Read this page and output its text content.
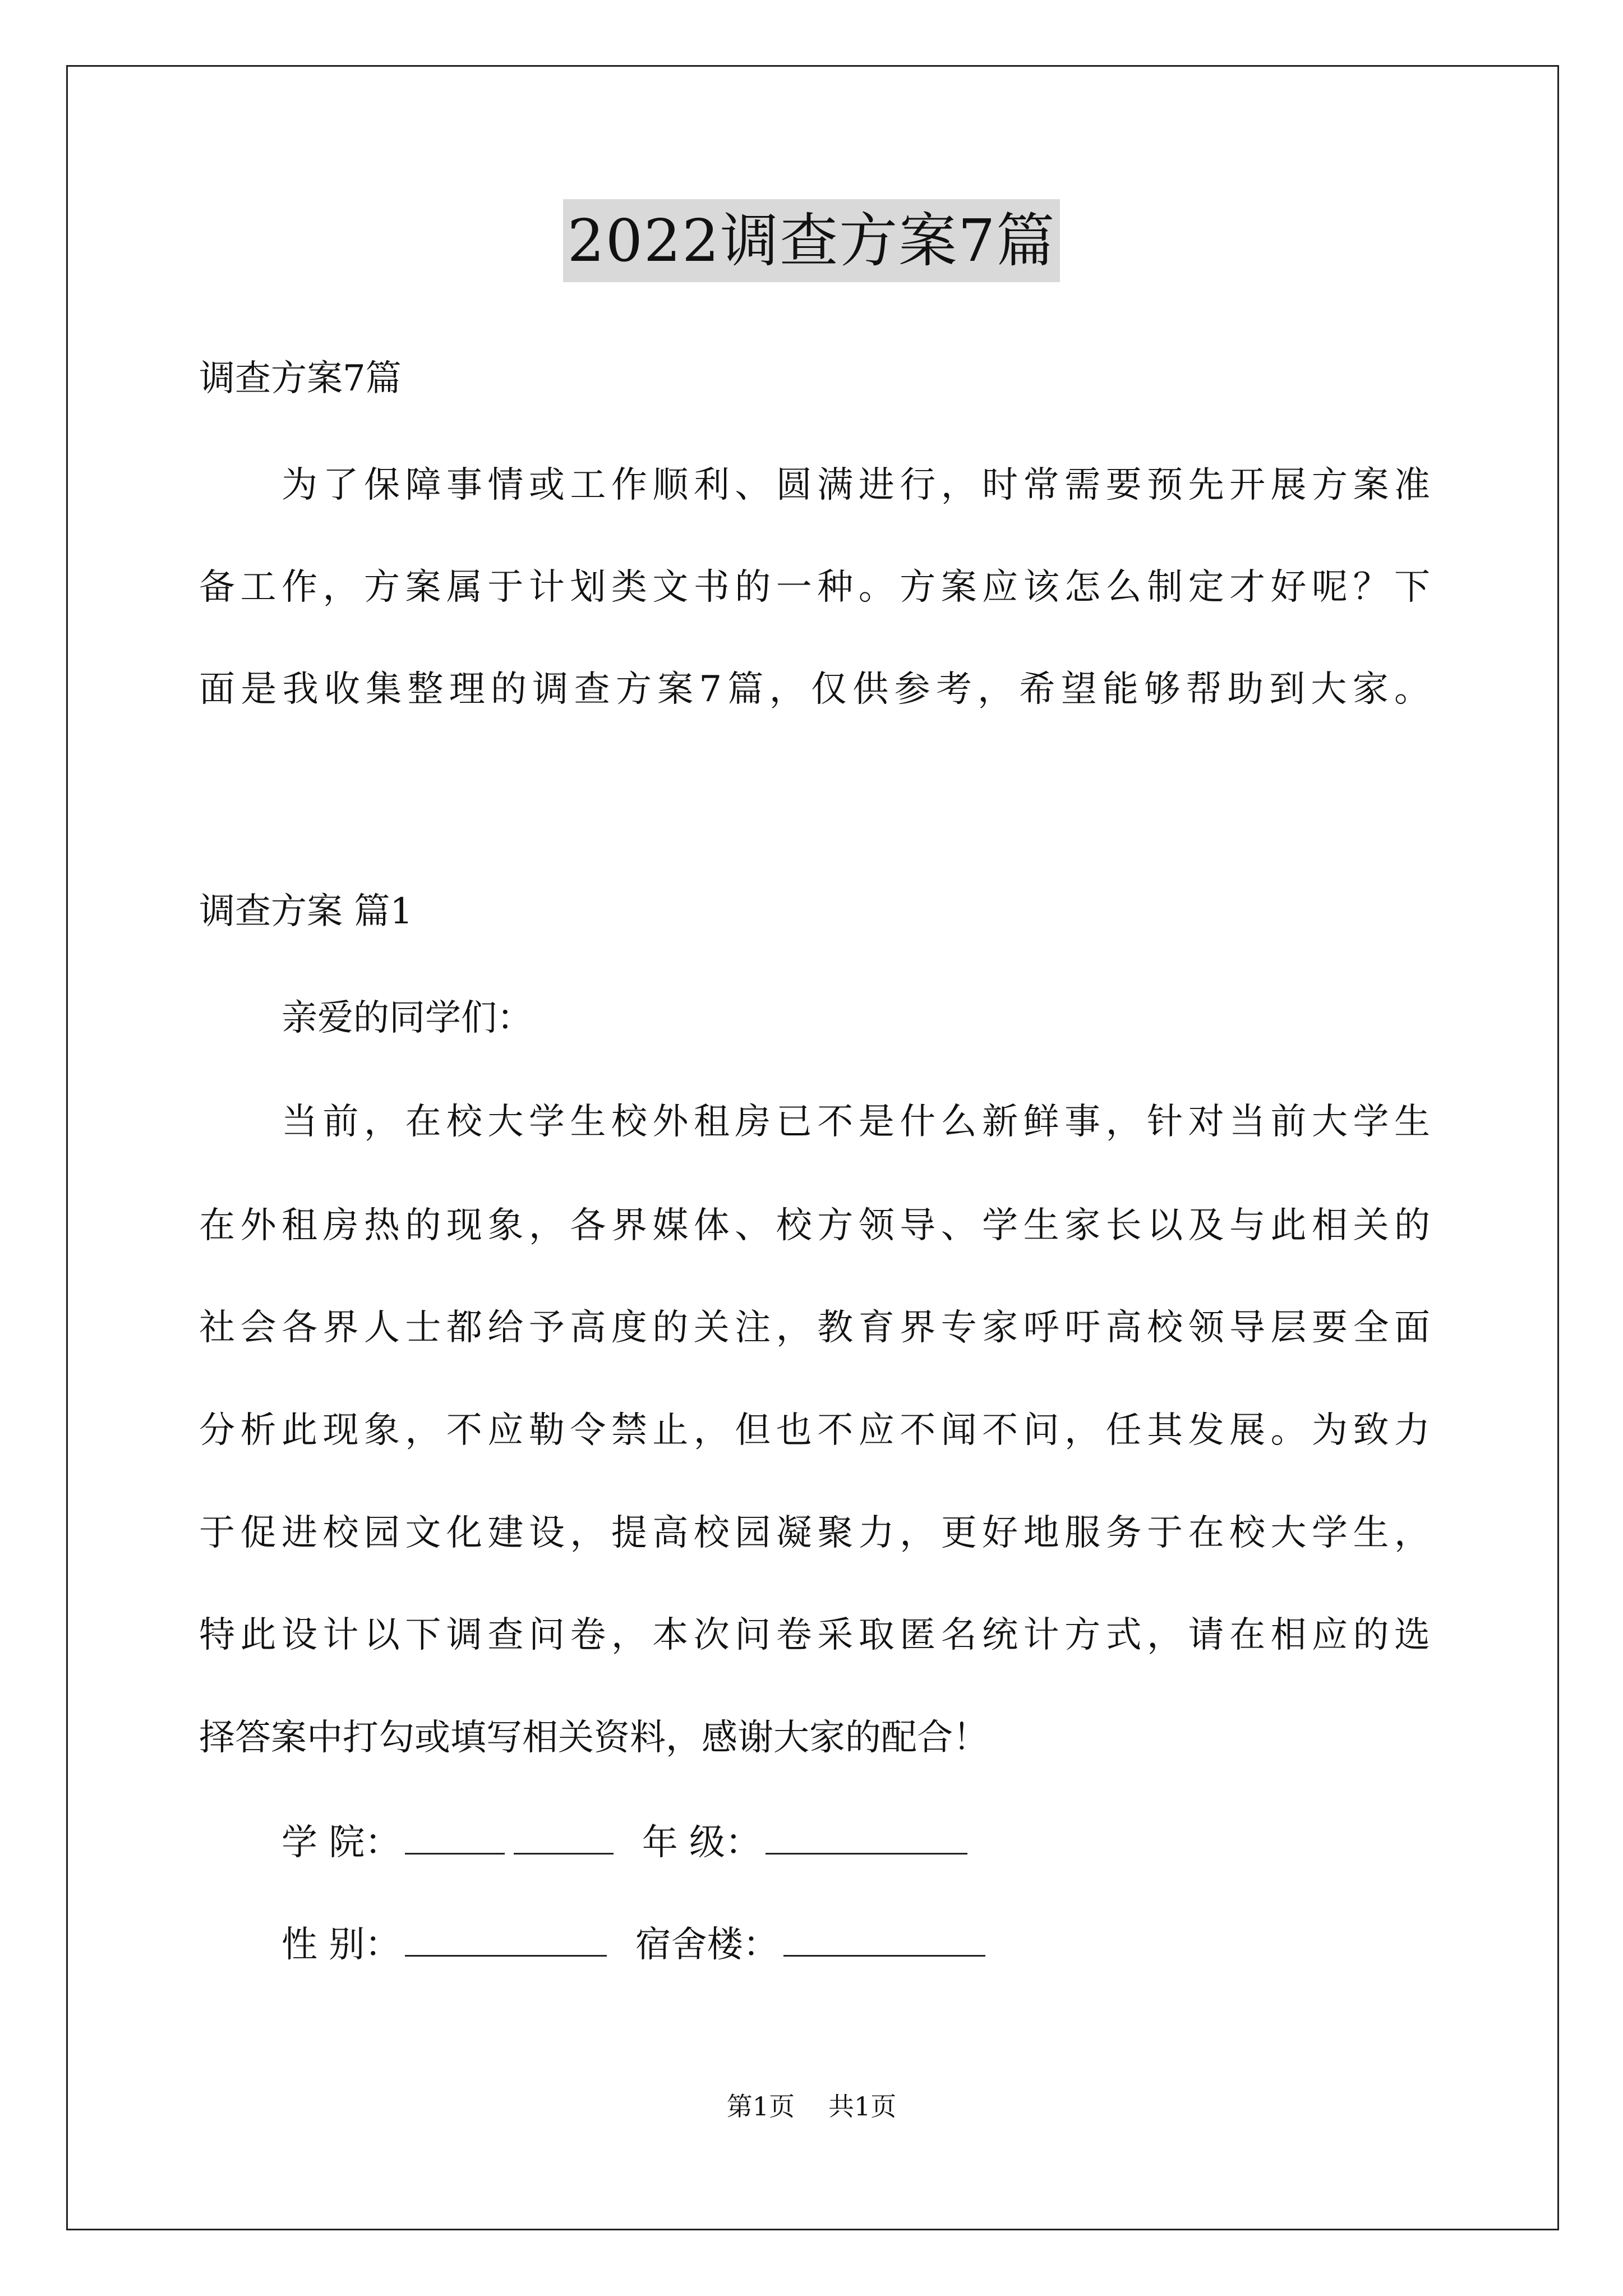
2022调查方案7篇
调查方案7篇
为了保障事情或工作顺利、圆满进行，时常需要预先开展方案准
备工作，方案属于计划类文书的一种。方案应该怎么制定才好呢？下
面是我收集整理的调查方案7篇，仅供参考，希望能够帮助到大家。
调查方案 篇1
亲爱的同学们：
当前，在校大学生校外租房已不是什么新鲜事，针对当前大学生
在外租房热的现象，各界媒体、校方领导、学生家长以及与此相关的
社会各界人士都给予高度的关注，教育界专家呼吁高校领导层要全面
分析此现象，不应勒令禁止，但也不应不闻不问，任其发展。为致力
于促进校园文化建设，提高校园凝聚力，更好地服务于在校大学生，
特此设计以下调查问卷，本次问卷采取匿名统计方式，请在相应的选
择答案中打勾或填写相关资料，感谢大家的配合！
学 院：	年 级：
性 别：	宿舍楼：
第1页 共1页
